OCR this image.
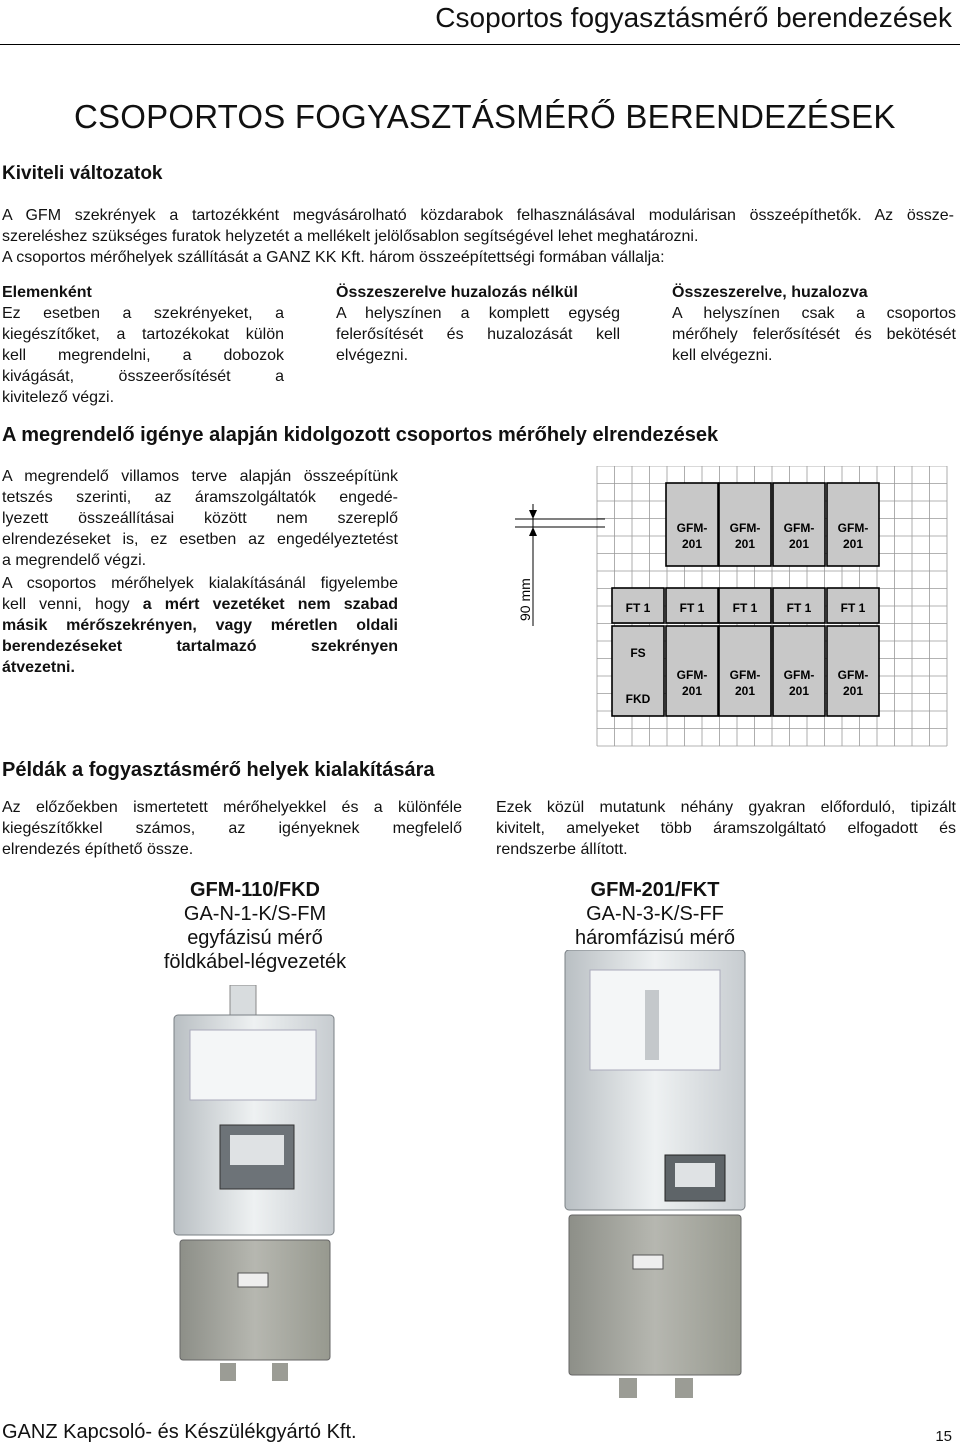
Csoportos fogyasztásmérő berendezések
CSOPORTOS FOGYASZTÁSMÉRŐ BERENDEZÉSEK
Kiviteli változatok
A GFM szekrények a tartozékként megvásárolható közdarabok felhasználásával modulárisan összeépíthetők. Az össze-
szereléshez szükséges furatok helyzetét a mellékelt jelölősablon segítségével lehet meghatározni.
A csoportos mérőhelyek szállítását a GANZ KK Kft. három összeépítettségi formában vállalja:
Elemenként
Ez esetben a szekrényeket, a
kiegészítőket, a tartozékokat külön
kell megrendelni, a dobozok
kivágását, összeerősítését a
kivitelező végzi.
Összeszerelve huzalozás nélkül
A helyszínen a komplett egység
felerősítését és huzalozását kell
elvégezni.
Összeszerelve, huzalozva
A helyszínen csak a csoportos
mérőhely felerősítését és bekötését
kell elvégezni.
A megrendelő igénye alapján kidolgozott csoportos mérőhely elrendezések
A megrendelő villamos terve alapján összeépítünk
tetszés szerinti, az áramszolgáltatók engedé-
lyezett összeállításai között nem szereplő
elrendezéseket is, ez esetben az engedélyeztetést
a megrendelő végzi.
A csoportos mérőhelyek kialakításánál figyelembe
kell venni, hogy a mért vezetéket nem szabad
másik mérőszekrényen, vagy méretlen oldali
berendezéseket tartalmazó szekrényen
átvezetni.
90 mm
GFM-
201
GFM-
201
GFM-
201
GFM-
201
FT 1 FT 1 FT 1 FT 1 FT 1
FS
FKD
GFM-
201
GFM-
201
GFM-
201
GFM-
201
Példák a fogyasztásmérő helyek kialakítására
Az előzőekben ismertetett mérőhelyekkel és a különféle
kiegészítőkkel számos, az igényeknek megfelelő
elrendezés építhető össze.
Ezek közül mutatunk néhány gyakran előforduló, tipizált
kivitelt, amelyeket több áramszolgáltató elfogadott és
rendszerbe állított.
GFM-110/FKD
GA-N-1-K/S-FM
egyfázisú mérő
földkábel-légvezeték
GFM-201/FKT
GA-N-3-K/S-FF
háromfázisú mérő
GANZ Kapcsoló- és Készülékgyártó Kft.	15
